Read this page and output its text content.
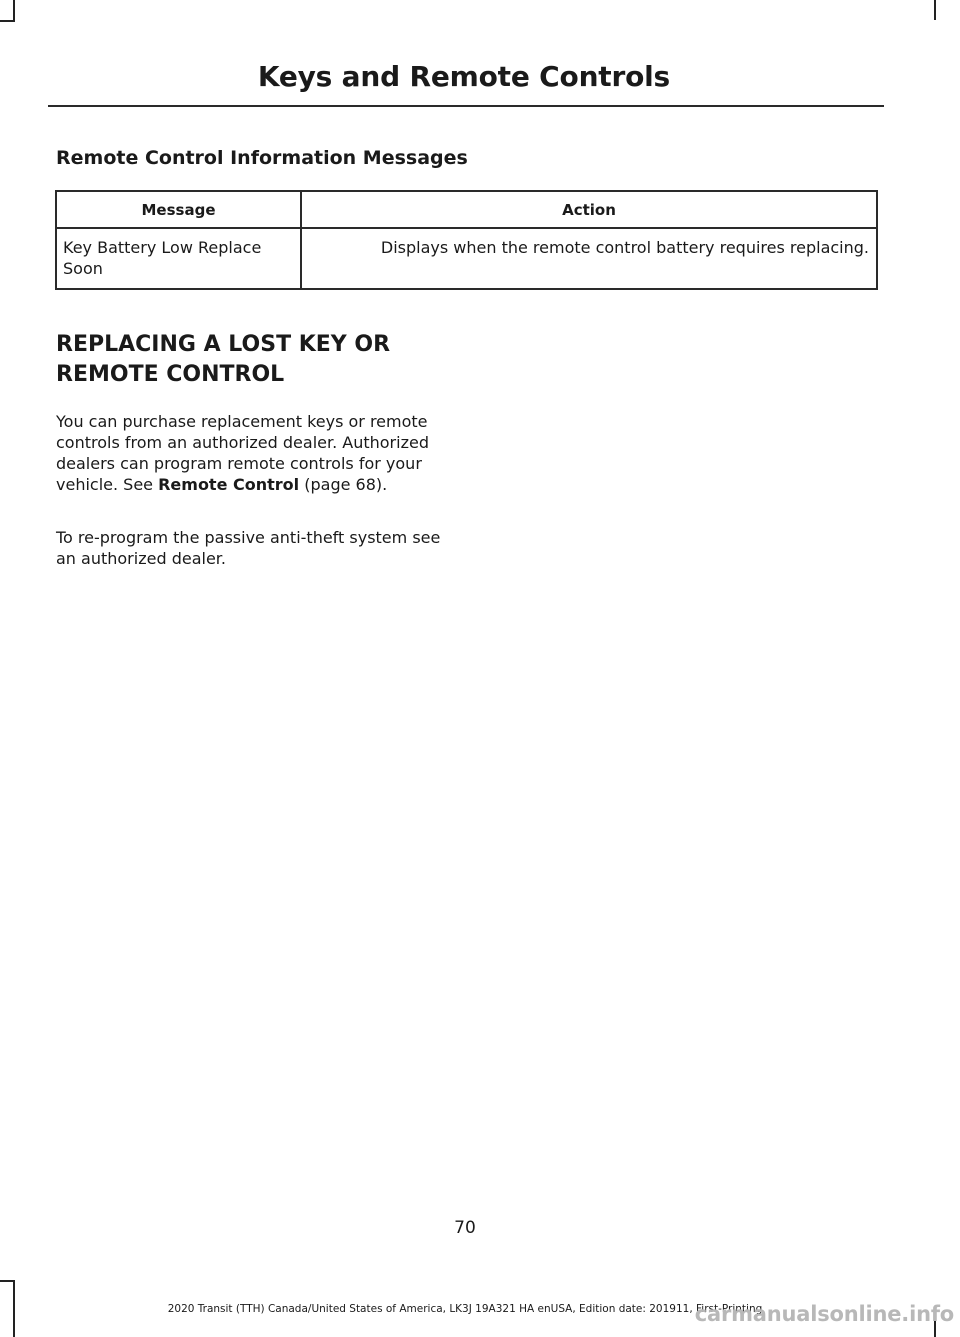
Keys and Remote Controls
Remote Control Information Messages
Message	Action
Key Battery Low Replace Soon	Displays when the remote control battery requires replacing.
REPLACING A LOST KEY OR
REMOTE CONTROL

You can purchase replacement keys or remote controls from an authorized dealer. Authorized dealers can program remote controls for your vehicle. See Remote Control (page 68).

To re-program the passive anti-theft system see an authorized dealer.

70

2020 Transit (TTH) Canada/United States of America, LK3J 19A321 HA enUSA, Edition date: 201911, First-Printing

carmanualsonline.info
